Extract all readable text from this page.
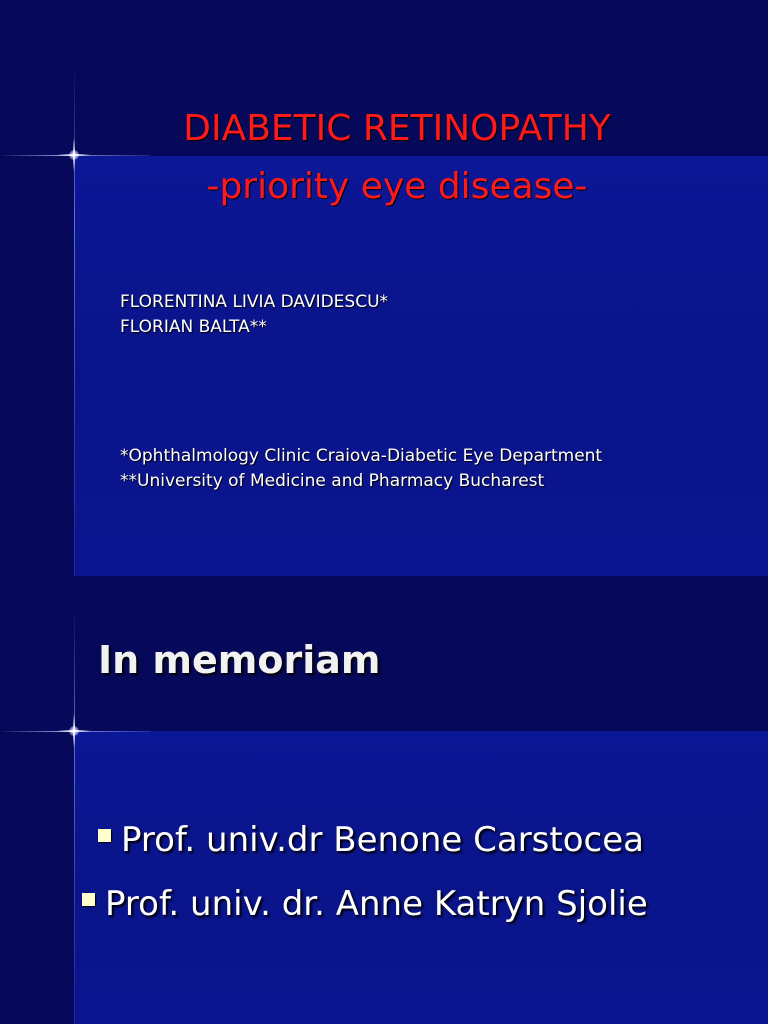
DIABETIC RETINOPATHY
-priority eye disease-
FLORENTINA LIVIA DAVIDESCU*
FLORIAN BALTA**
*Ophthalmology Clinic Craiova-Diabetic Eye Department
**University of Medicine and Pharmacy Bucharest
In memoriam
Prof. univ.dr Benone Carstocea
Prof. univ. dr. Anne Katryn Sjolie
